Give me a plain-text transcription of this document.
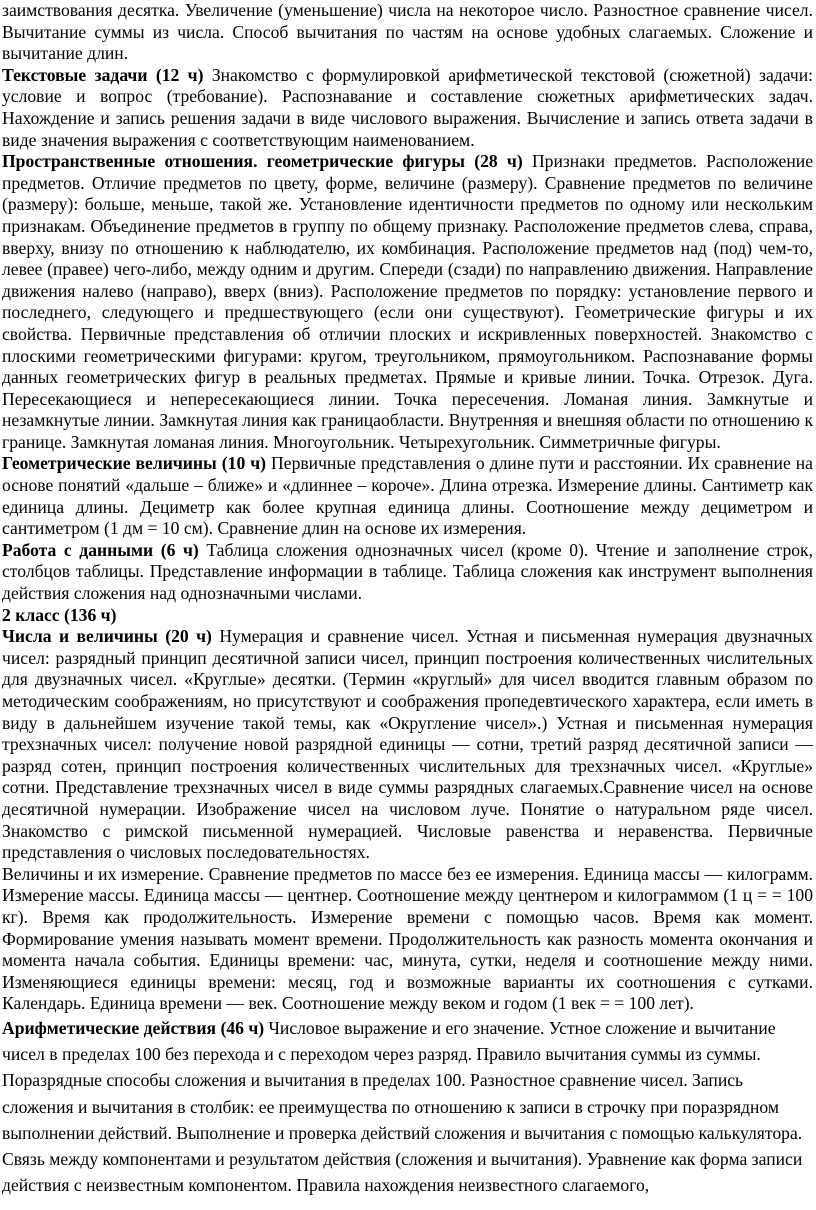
заимствования десятка. Увеличение (уменьшение) числа на некоторое число. Разностное сравнение чисел. Вычитание суммы из числа. Способ вычитания по частям на основе удобных слагаемых. Сложение и вычитание длин.

Текстовые задачи (12 ч) Знакомство с формулировкой арифметической текстовой (сюжетной) задачи: условие и вопрос (требование). Распознавание и составление сюжетных арифметических задач. Нахождение и запись решения задачи в виде числового выражения. Вычисление и запись ответа задачи в виде значения выражения с соответствующим наименованием.

Пространственные отношения. геометрические фигуры (28 ч) Признаки предметов. Расположение предметов. Отличие предметов по цвету, форме, величине (размеру). Сравнение предметов по величине (размеру): больше, меньше, такой же. Установление идентичности предметов по одному или нескольким признакам. Объединение предметов в группу по общему признаку. Расположение предметов слева, справа, вверху, внизу по отношению к наблюдателю, их комбинация. Расположение предметов над (под) чем-то, левее (правее) чего-либо, между одним и другим. Спереди (сзади) по направлению движения. Направление движения налево (направо), вверх (вниз). Расположение предметов по порядку: установление первого и последнего, следующего и предшествующего (если они существуют). Геометрические фигуры и их свойства. Первичные представления об отличии плоских и искривленных поверхностей. Знакомство с плоскими геометрическими фигурами: кругом, треугольником, прямоугольником. Распознавание формы данных геометрических фигур в реальных предметах. Прямые и кривые линии. Точка. Отрезок. Дуга. Пересекающиеся и непересекающиеся линии. Точка пересечения. Ломаная линия. Замкнутые и незамкнутые линии. Замкнутая линия как границаобласти. Внутренняя и внешняя области по отношению к границе. Замкнутая ломаная линия. Многоугольник. Четырехугольник. Симметричные фигуры.

Геометрические величины (10 ч) Первичные представления о длине пути и расстоянии. Их сравнение на основе понятий «дальше – ближе» и «длиннее – короче». Длина отрезка. Измерение длины. Сантиметр как единица длины. Дециметр как более крупная единица длины. Соотношение между дециметром и сантиметром (1 дм = 10 см). Сравнение длин на основе их измерения.

Работа с данными (6 ч) Таблица сложения однозначных чисел (кроме 0). Чтение и заполнение строк, столбцов таблицы. Представление информации в таблице. Таблица сложения как инструмент выполнения действия сложения над однозначными числами.

2 класс (136 ч)

Числа и величины (20 ч) Нумерация и сравнение чисел. Устная и письменная нумерация двузначных чисел: разрядный принцип десятичной записи чисел, принцип построения количественных числительных для двузначных чисел. «Круглые» десятки. (Термин «круглый» для чисел вводится главным образом по методическим соображениям, но присутствуют и соображения пропедевтического характера, если иметь в виду в дальнейшем изучение такой темы, как «Округление чисел».) Устная и письменная нумерация трехзначных чисел: получение новой разрядной единицы — сотни, третий разряд десятичной записи — разряд сотен, принцип построения количественных числительных для трехзначных чисел. «Круглые» сотни. Представление трехзначных чисел в виде суммы разрядных слагаемых.Сравнение чисел на основе десятичной нумерации. Изображение чисел на числовом луче. Понятие о натуральном ряде чисел. Знакомство с римской письменной нумерацией. Числовые равенства и неравенства. Первичные представления о числовых последовательностях.

Величины и их измерение. Сравнение предметов по массе без ее измерения. Единица массы — килограмм. Измерение массы. Единица массы — центнер. Соотношение между центнером и килограммом (1 ц = = 100 кг). Время как продолжительность. Измерение времени с помощью часов. Время как момент. Формирование умения называть момент времени. Продолжительность как разность момента окончания и момента начала события. Единицы времени: час, минута, сутки, неделя и соотношение между ними. Изменяющиеся единицы времени: месяц, год и возможные варианты их соотношения с сутками. Календарь. Единица времени — век. Соотношение между веком и годом (1 век = = 100 лет).

Арифметические действия (46 ч) Числовое выражение и его значение. Устное сложение и вычитание чисел в пределах 100 без перехода и с переходом через разряд. Правило вычитания суммы из суммы. Поразрядные способы сложения и вычитания в пределах 100. Разностное сравнение чисел. Запись сложения и вычитания в столбик: ее преимущества по отношению к записи в строчку при поразрядном выполнении действий. Выполнение и проверка действий сложения и вычитания с помощью калькулятора. Связь между компонентами и результатом действия (сложения и вычитания). Уравнение как форма записи действия с неизвестным компонентом. Правила нахождения неизвестного слагаемого,
